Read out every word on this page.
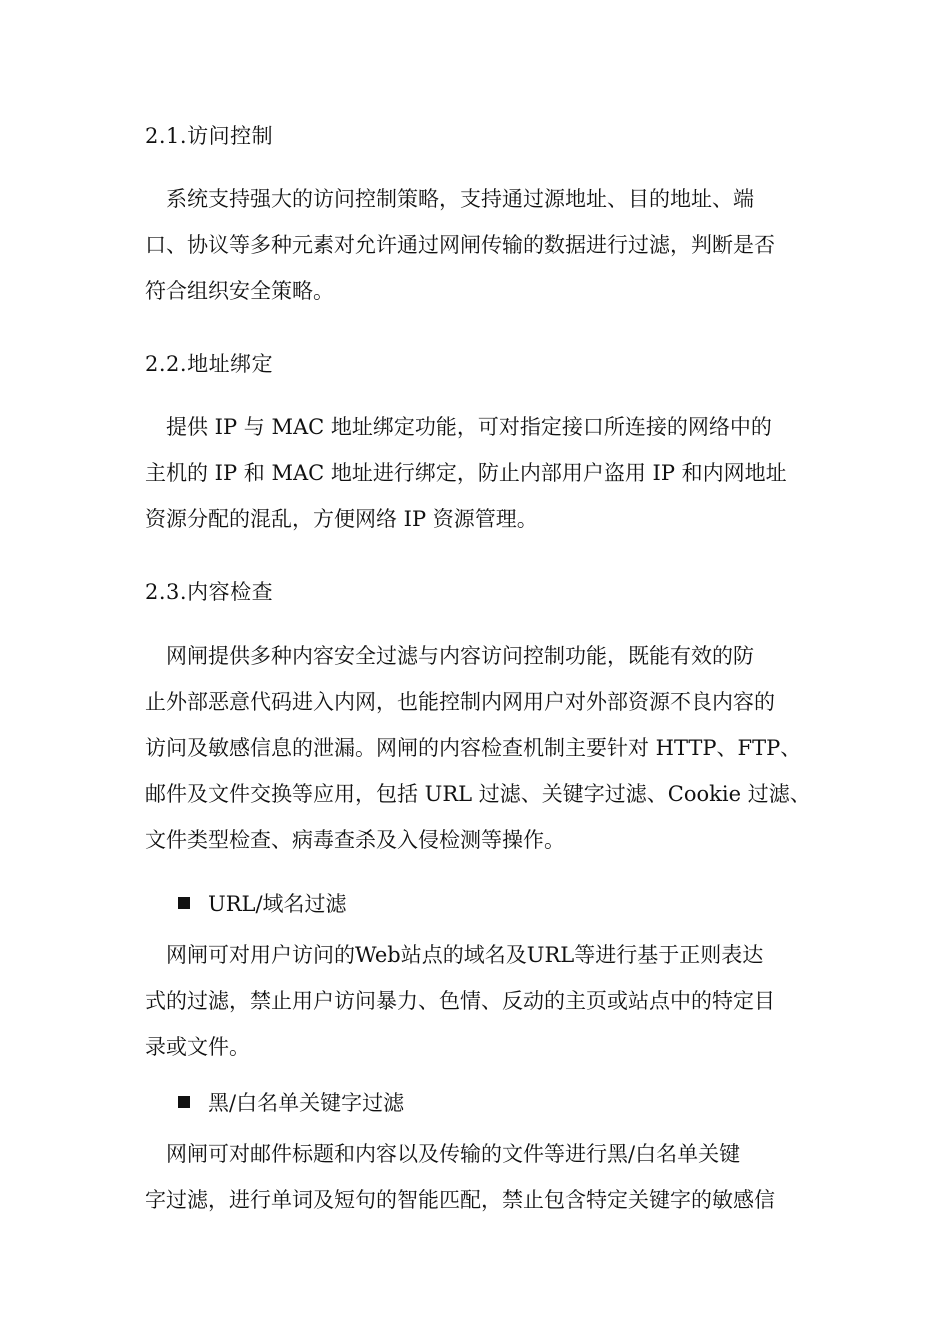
2.1.访问控制
　系统支持强大的访问控制策略，支持通过源地址、目的地址、端
口、协议等多种元素对允许通过网闸传输的数据进行过滤，判断是否
符合组织安全策略。
2.2.地址绑定
　提供 IP 与 MAC 地址绑定功能，可对指定接口所连接的网络中的
主机的 IP 和 MAC 地址进行绑定，防止内部用户盗用 IP 和内网地址
资源分配的混乱，方便网络 IP 资源管理。
2.3.内容检查
　网闸提供多种内容安全过滤与内容访问控制功能，既能有效的防
止外部恶意代码进入内网，也能控制内网用户对外部资源不良内容的
访问及敏感信息的泄漏。网闸的内容检查机制主要针对 HTTP、FTP、
邮件及文件交换等应用，包括 URL 过滤、关键字过滤、Cookie 过滤、
文件类型检查、病毒查杀及入侵检测等操作。
URL/域名过滤
　网闸可对用户访问的Web站点的域名及URL等进行基于正则表达
式的过滤，禁止用户访问暴力、色情、反动的主页或站点中的特定目
录或文件。
黑/白名单关键字过滤
　网闸可对邮件标题和内容以及传输的文件等进行黑/白名单关键
字过滤，进行单词及短句的智能匹配，禁止包含特定关键字的敏感信
